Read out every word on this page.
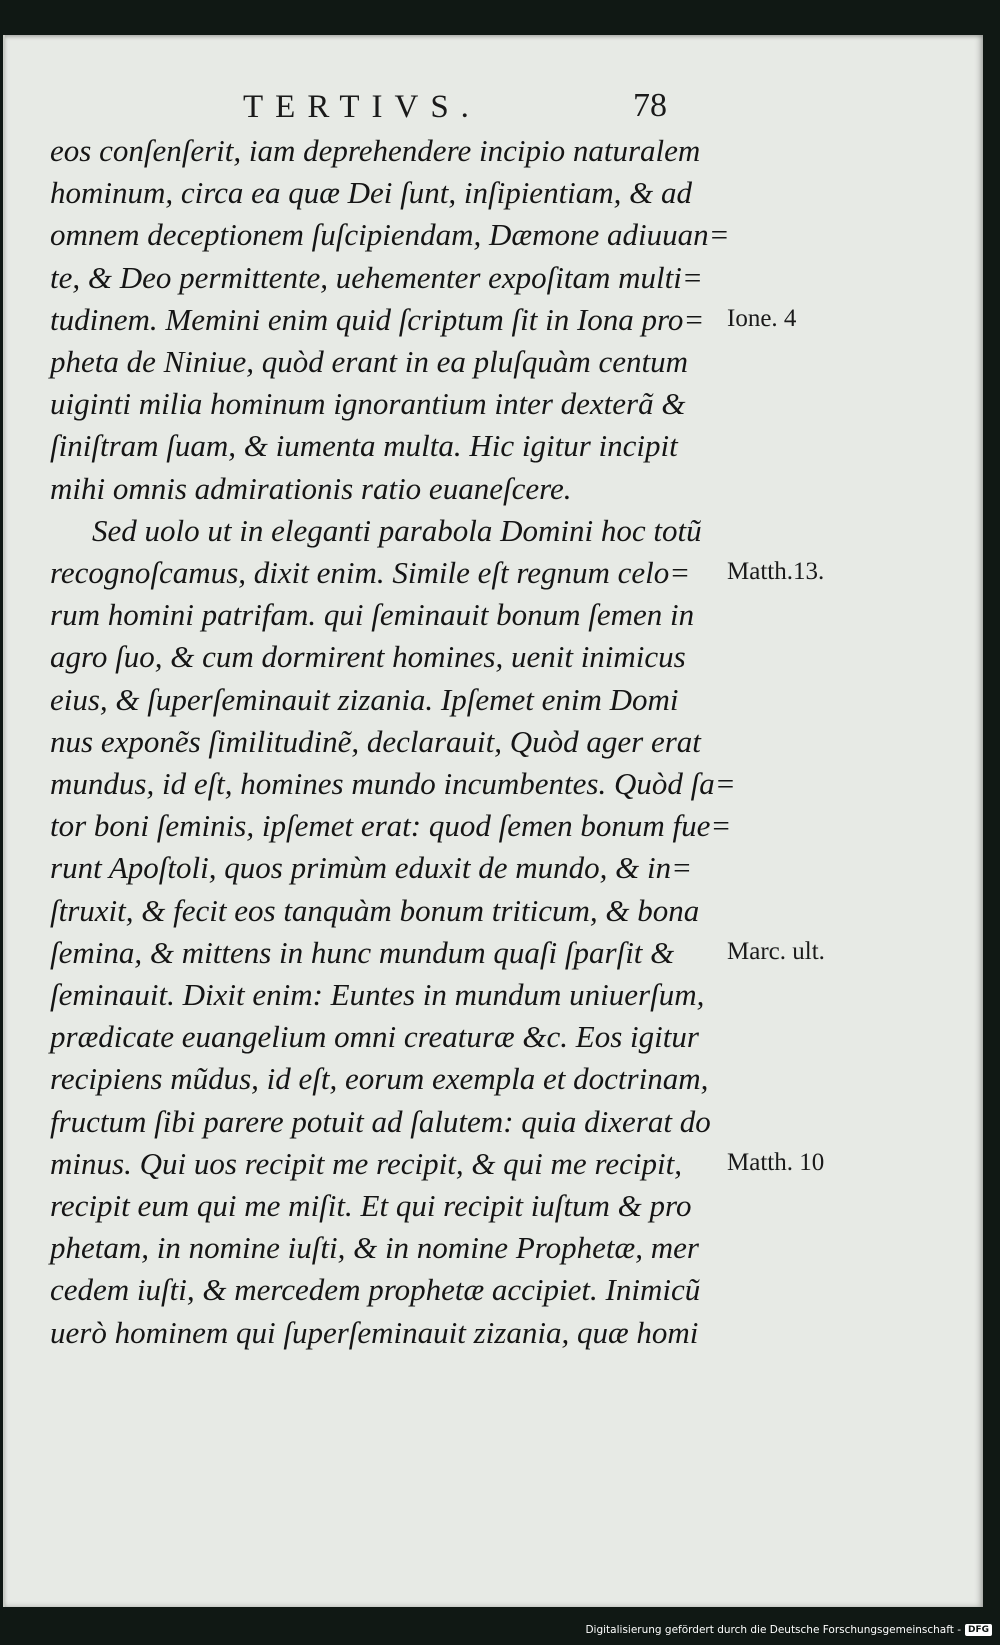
TERTIVS.	78
eos conſenſerit, iam deprehendere incipio naturalem
hominum, circa ea quæ Dei ſunt, inſipientiam, & ad
omnem deceptionem ſuſcipiendam, Dæmone adiuuan=
te, & Deo permittente, uehementer expoſitam multi=
tudinem. Memini enim quid ſcriptum ſit in Iona pro=
pheta de Niniue, quòd erant in ea pluſquàm centum
uiginti milia hominum ignorantium inter dexterã &
ſiniſtram ſuam, & iumenta multa. Hic igitur incipit
mihi omnis admirationis ratio euaneſcere.
Sed uolo ut in eleganti parabola Domini hoc totũ
recognoſcamus, dixit enim. Simile eſt regnum celo=
rum homini patrifam. qui ſeminauit bonum ſemen in
agro ſuo, & cum dormirent homines, uenit inimicus
eius, & ſuperſeminauit zizania. Ipſemet enim Domi
nus exponẽs ſimilitudinẽ, declarauit, Quòd ager erat
mundus, id eſt, homines mundo incumbentes. Quòd ſa=
tor boni ſeminis, ipſemet erat: quod ſemen bonum fue=
runt Apoſtoli, quos primùm eduxit de mundo, & in=
ſtruxit, & fecit eos tanquàm bonum triticum, & bona
ſemina, & mittens in hunc mundum quaſi ſparſit &
ſeminauit. Dixit enim: Euntes in mundum uniuerſum,
prædicate euangelium omni creaturæ &c. Eos igitur
recipiens mũdus, id eſt, eorum exempla et doctrinam,
fructum ſibi parere potuit ad ſalutem: quia dixerat do
minus. Qui uos recipit me recipit, & qui me recipit,
recipit eum qui me miſit. Et qui recipit iuſtum & pro
phetam, in nomine iuſti, & in nomine Prophetæ, mer
cedem iuſti, & mercedem prophetæ accipiet. Inimicũ
uerò hominem qui ſuperſeminauit zizania, quæ homi
Ione. 4
Matth.13.
Marc. ult.
Matth. 10
Digitalisierung gefördert durch die Deutsche Forschungsgemeinschaft - DFG
